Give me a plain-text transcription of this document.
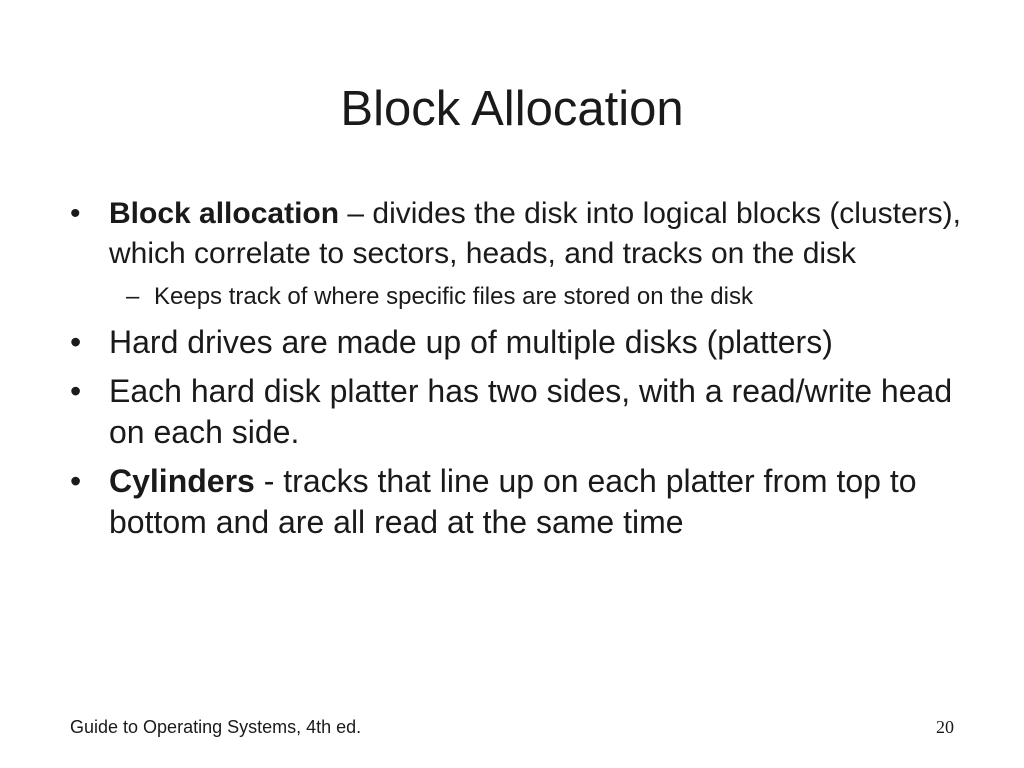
Block Allocation
• Block allocation – divides the disk into logical blocks (clusters), which correlate to sectors, heads, and tracks on the disk
– Keeps track of where specific files are stored on the disk
• Hard drives are made up of multiple disks (platters)
• Each hard disk platter has two sides, with a read/write head on each side.
• Cylinders - tracks that line up on each platter from top to bottom and are all read at the same time
Guide to Operating Systems, 4th ed.	20
